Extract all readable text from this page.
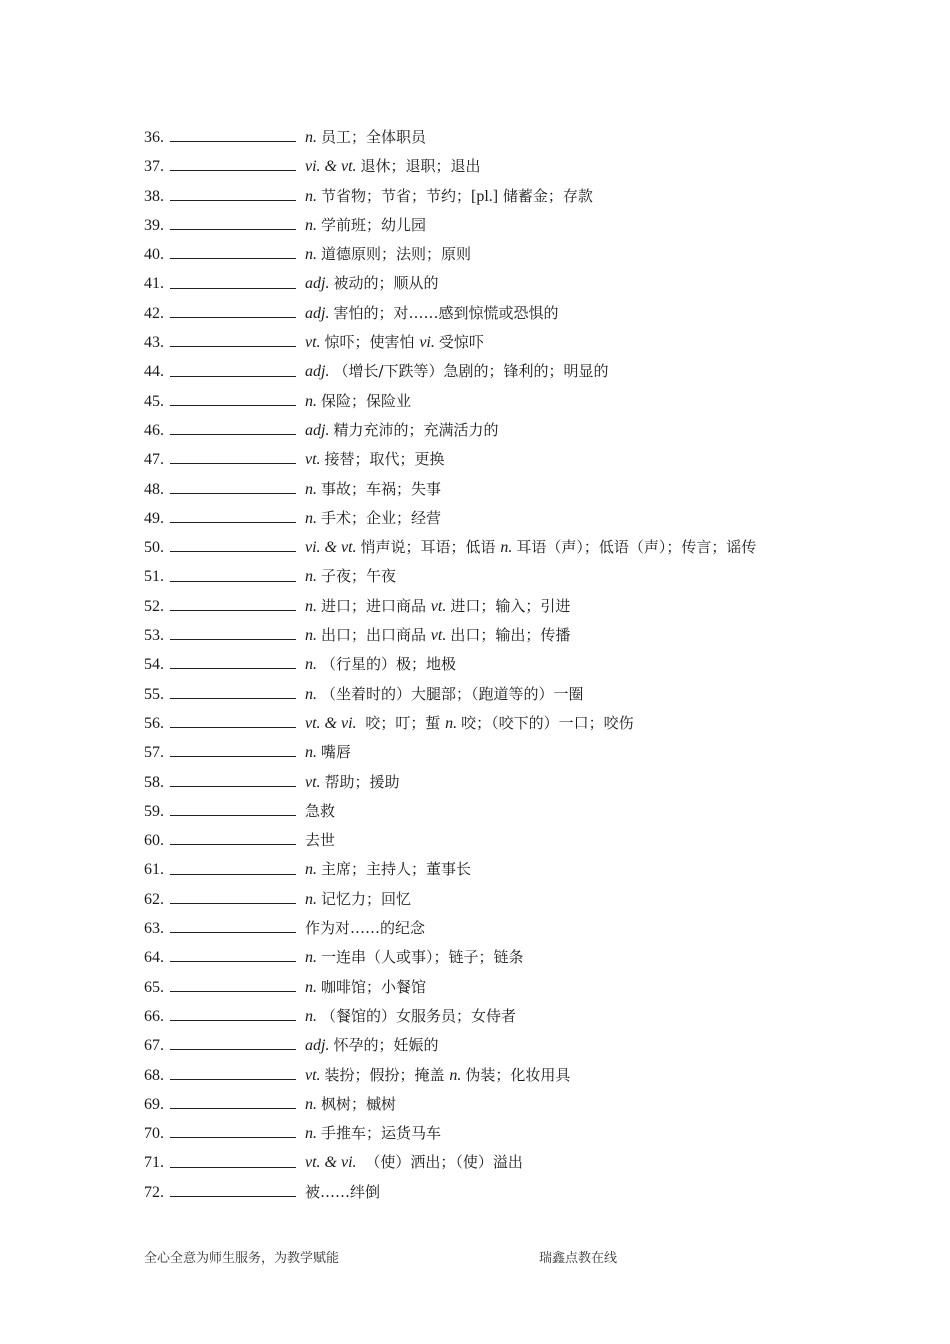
36.	n. 员工；全体职员
37.	vi. & vt. 退休；退职；退出
38.	n. 节省物；节省；节约；[pl.] 储蓄金；存款
39.	n. 学前班；幼儿园
40.	n. 道德原则；法则；原则
41.	adj. 被动的；顺从的
42.	adj. 害怕的；对……感到惊慌或恐惧的
43.	vt. 惊吓；使害怕 vi. 受惊吓
44.	adj. （增长/下跌等）急剧的；锋利的；明显的
45.	n. 保险；保险业
46.	adj. 精力充沛的；充满活力的
47.	vt. 接替；取代；更换
48.	n. 事故；车祸；失事
49.	n. 手术；企业；经营
50.	vi. & vt. 悄声说；耳语；低语 n. 耳语（声）；低语（声）；传言；谣传
51.	n. 子夜；午夜
52.	n. 进口；进口商品 vt. 进口；输入；引进
53.	n. 出口；出口商品 vt. 出口；输出；传播
54.	n. （行星的）极；地极
55.	n. （坐着时的）大腿部；（跑道等的）一圈
56.	vt. & vi. 咬；叮；蜇 n. 咬；（咬下的）一口；咬伤
57.	n. 嘴唇
58.	vt. 帮助；援助
59.	急救
60.	去世
61.	n. 主席；主持人；董事长
62.	n. 记忆力；回忆
63.	作为对……的纪念
64.	n. 一连串（人或事）；链子；链条
65.	n. 咖啡馆；小餐馆
66.	n. （餐馆的）女服务员；女侍者
67.	adj. 怀孕的；妊娠的
68.	vt. 装扮；假扮；掩盖 n. 伪装；化妆用具
69.	n. 枫树；槭树
70.	n. 手推车；运货马车
71.	vt. & vi. （使）洒出；（使）溢出
72.	被……绊倒
全心全意为师生服务，为教学赋能	瑞鑫点教在线
